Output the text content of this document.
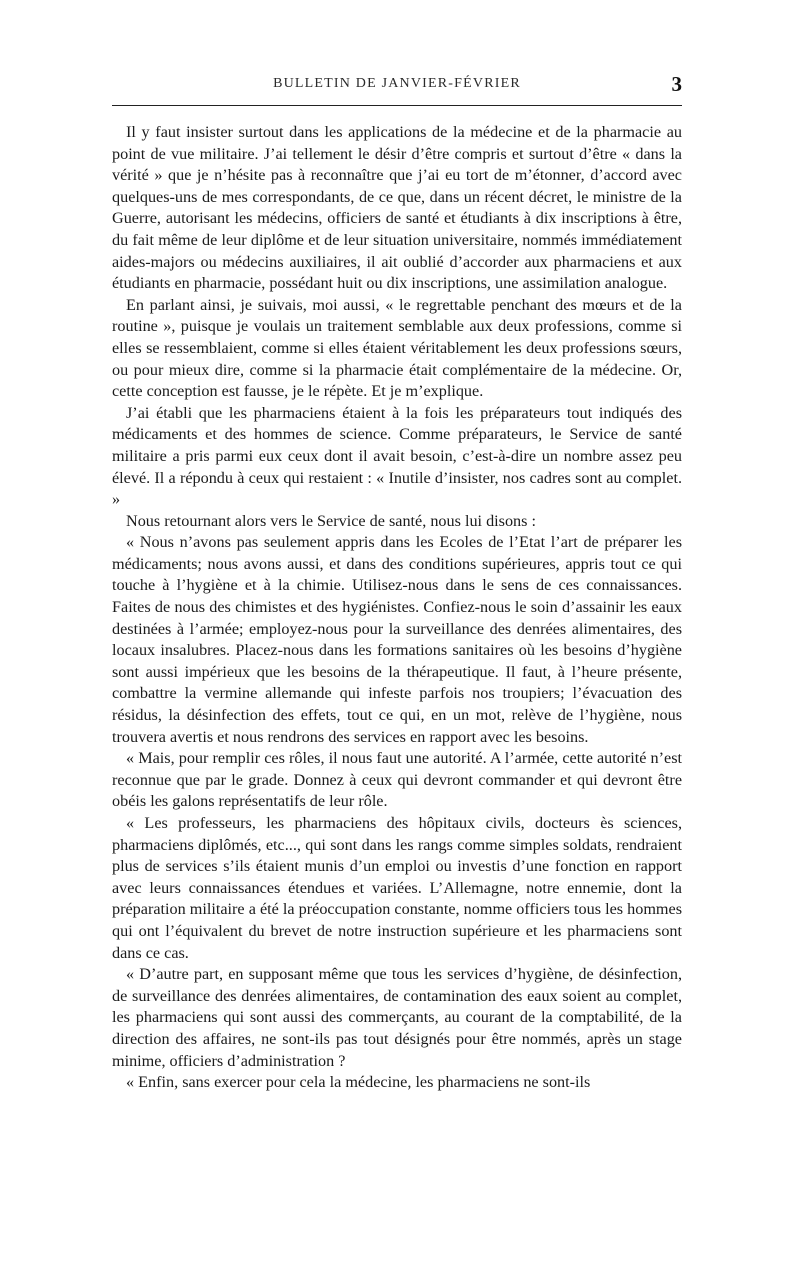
BULLETIN DE JANVIER-FÉVRIER	3

Il y faut insister surtout dans les applications de la médecine et de la pharmacie au point de vue militaire. J’ai tellement le désir d’être compris et surtout d’être « dans la vérité » que je n’hésite pas à reconnaître que j’ai eu tort de m’étonner, d’accord avec quelques-uns de mes correspondants, de ce que, dans un récent décret, le ministre de la Guerre, autorisant les médecins, officiers de santé et étudiants à dix inscriptions à être, du fait même de leur diplôme et de leur situation universitaire, nommés immédiatement aides-majors ou médecins auxiliaires, il ait oublié d’accorder aux pharmaciens et aux étudiants en pharmacie, possédant huit ou dix inscriptions, une assimilation analogue.

En parlant ainsi, je suivais, moi aussi, « le regrettable penchant des mœurs et de la routine », puisque je voulais un traitement semblable aux deux professions, comme si elles se ressemblaient, comme si elles étaient véritablement les deux professions sœurs, ou pour mieux dire, comme si la pharmacie était complémentaire de la médecine. Or, cette conception est fausse, je le répète. Et je m’explique.

J’ai établi que les pharmaciens étaient à la fois les préparateurs tout indiqués des médicaments et des hommes de science. Comme préparateurs, le Service de santé militaire a pris parmi eux ceux dont il avait besoin, c’est-à-dire un nombre assez peu élevé. Il a répondu à ceux qui restaient : « Inutile d’insister, nos cadres sont au complet. »

Nous retournant alors vers le Service de santé, nous lui disons :

« Nous n’avons pas seulement appris dans les Ecoles de l’Etat l’art de préparer les médicaments; nous avons aussi, et dans des conditions supérieures, appris tout ce qui touche à l’hygiène et à la chimie. Utilisez-nous dans le sens de ces connaissances. Faites de nous des chimistes et des hygiénistes. Confiez-nous le soin d’assainir les eaux destinées à l’armée; employez-nous pour la surveillance des denrées alimentaires, des locaux insalubres. Placez-nous dans les formations sanitaires où les besoins d’hygiène sont aussi impérieux que les besoins de la thérapeutique. Il faut, à l’heure présente, combattre la vermine allemande qui infeste parfois nos troupiers; l’évacuation des résidus, la désinfection des effets, tout ce qui, en un mot, relève de l’hygiène, nous trouvera avertis et nous rendrons des services en rapport avec les besoins.

« Mais, pour remplir ces rôles, il nous faut une autorité. A l’armée, cette autorité n’est reconnue que par le grade. Donnez à ceux qui devront commander et qui devront être obéis les galons représentatifs de leur rôle.

« Les professeurs, les pharmaciens des hôpitaux civils, docteurs ès sciences, pharmaciens diplômés, etc..., qui sont dans les rangs comme simples soldats, rendraient plus de services s’ils étaient munis d’un emploi ou investis d’une fonction en rapport avec leurs connaissances étendues et variées. L’Allemagne, notre ennemie, dont la préparation militaire a été la préoccupation constante, nomme officiers tous les hommes qui ont l’équivalent du brevet de notre instruction supérieure et les pharmaciens sont dans ce cas.

« D’autre part, en supposant même que tous les services d’hygiène, de désinfection, de surveillance des denrées alimentaires, de contamination des eaux soient au complet, les pharmaciens qui sont aussi des commerçants, au courant de la comptabilité, de la direction des affaires, ne sont-ils pas tout désignés pour être nommés, après un stage minime, officiers d’administration ?

« Enfin, sans exercer pour cela la médecine, les pharmaciens ne sont-ils
